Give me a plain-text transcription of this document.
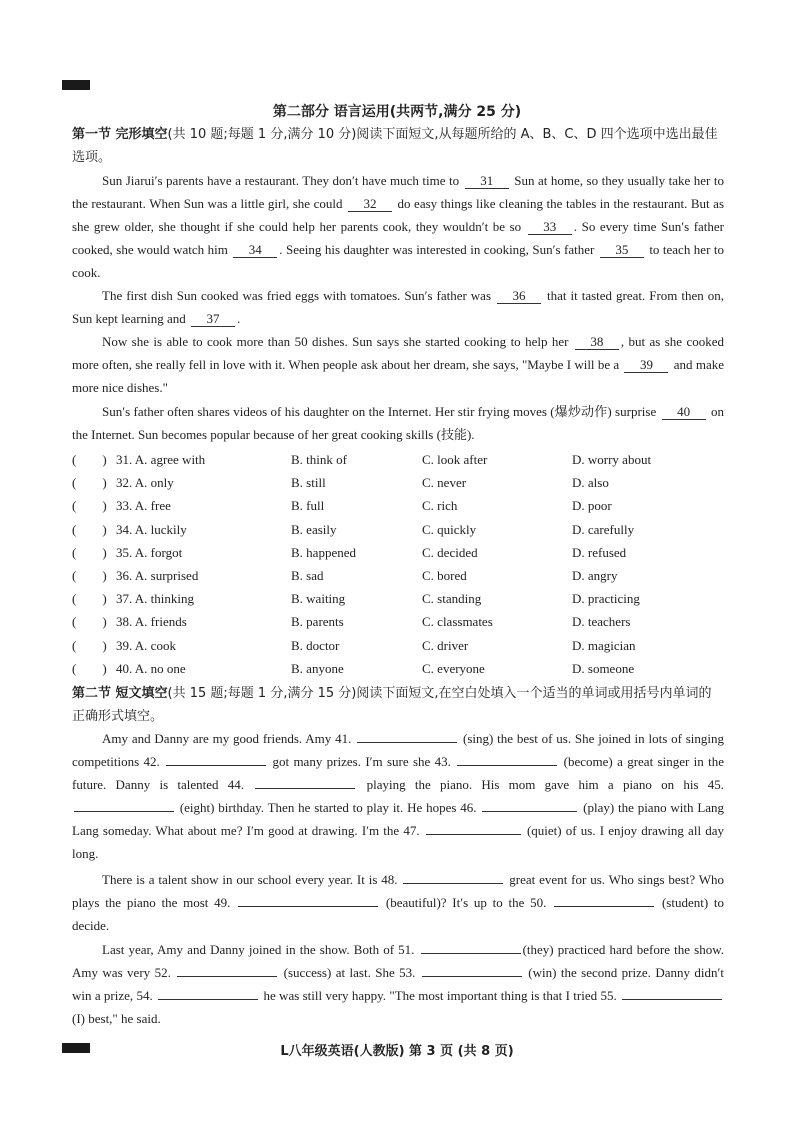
第二部分 语言运用(共两节,满分 25 分)
第一节 完形填空(共 10 题;每题 1 分,满分 10 分)阅读下面短文,从每题所给的 A、B、C、D 四个选项中选出最佳选项。
Sun Jiarui′s parents have a restaurant. They don′t have much time to 31 Sun at home, so they usually take her to the restaurant. When Sun was a little girl, she could 32 do easy things like cleaning the tables in the restaurant. But as she grew older, she thought if she could help her parents cook, they wouldn′t be so 33 . So every time Sun′s father cooked, she would watch him 34 . Seeing his daughter was interested in cooking, Sun′s father 35 to teach her to cook.
The first dish Sun cooked was fried eggs with tomatoes. Sun′s father was 36 that it tasted great. From then on, Sun kept learning and 37 .
Now she is able to cook more than 50 dishes. Sun says she started cooking to help her 38 , but as she cooked more often, she really fell in love with it. When people ask about her dream, she says, "Maybe I will be a 39 and make more nice dishes."
Sun′s father often shares videos of his daughter on the Internet. Her stir frying moves (爆炒动作) surprise 40 on the Internet. Sun becomes popular because of her great cooking skills (技能).
(　　) 31. A. agree with	B. think of	C. look after	D. worry about
(　　) 32. A. only	B. still	C. never	D. also
(　　) 33. A. free	B. full	C. rich	D. poor
(　　) 34. A. luckily	B. easily	C. quickly	D. carefully
(　　) 35. A. forgot	B. happened	C. decided	D. refused
(　　) 36. A. surprised	B. sad	C. bored	D. angry
(　　) 37. A. thinking	B. waiting	C. standing	D. practicing
(　　) 38. A. friends	B. parents	C. classmates	D. teachers
(　　) 39. A. cook	B. doctor	C. driver	D. magician
(　　) 40. A. no one	B. anyone	C. everyone	D. someone
第二节 短文填空(共 15 题;每题 1 分,满分 15 分)阅读下面短文,在空白处填入一个适当的单词或用括号内单词的正确形式填空。
Amy and Danny are my good friends. Amy 41.	(sing) the best of us. She joined in lots of singing competitions 42.	got many prizes. I′m sure she 43.	(become) a great singer in the future. Danny is talented 44.	playing the piano. His mom gave him a piano on his 45.  (eight) birthday. Then he started to play it. He hopes 46.	(play) the piano with Lang Lang someday. What about me? I′m good at drawing. I′m the 47.	(quiet) of us. I enjoy drawing all day long.
There is a talent show in our school every year. It is 48.	great event for us. Who sings best? Who plays the piano the most 49.	(beautiful)? It′s up to the 50.	(student) to decide.
Last year, Amy and Danny joined in the show. Both of 51.	(they) practiced hard before the show. Amy was very 52.	(success) at last. She 53.	(win) the second prize. Danny didn′t win a prize, 54.	he was still very happy. "The most important thing is that I tried 55.  (I) best," he said.
L八年级英语(人教版) 第 3 页 (共 8 页)
